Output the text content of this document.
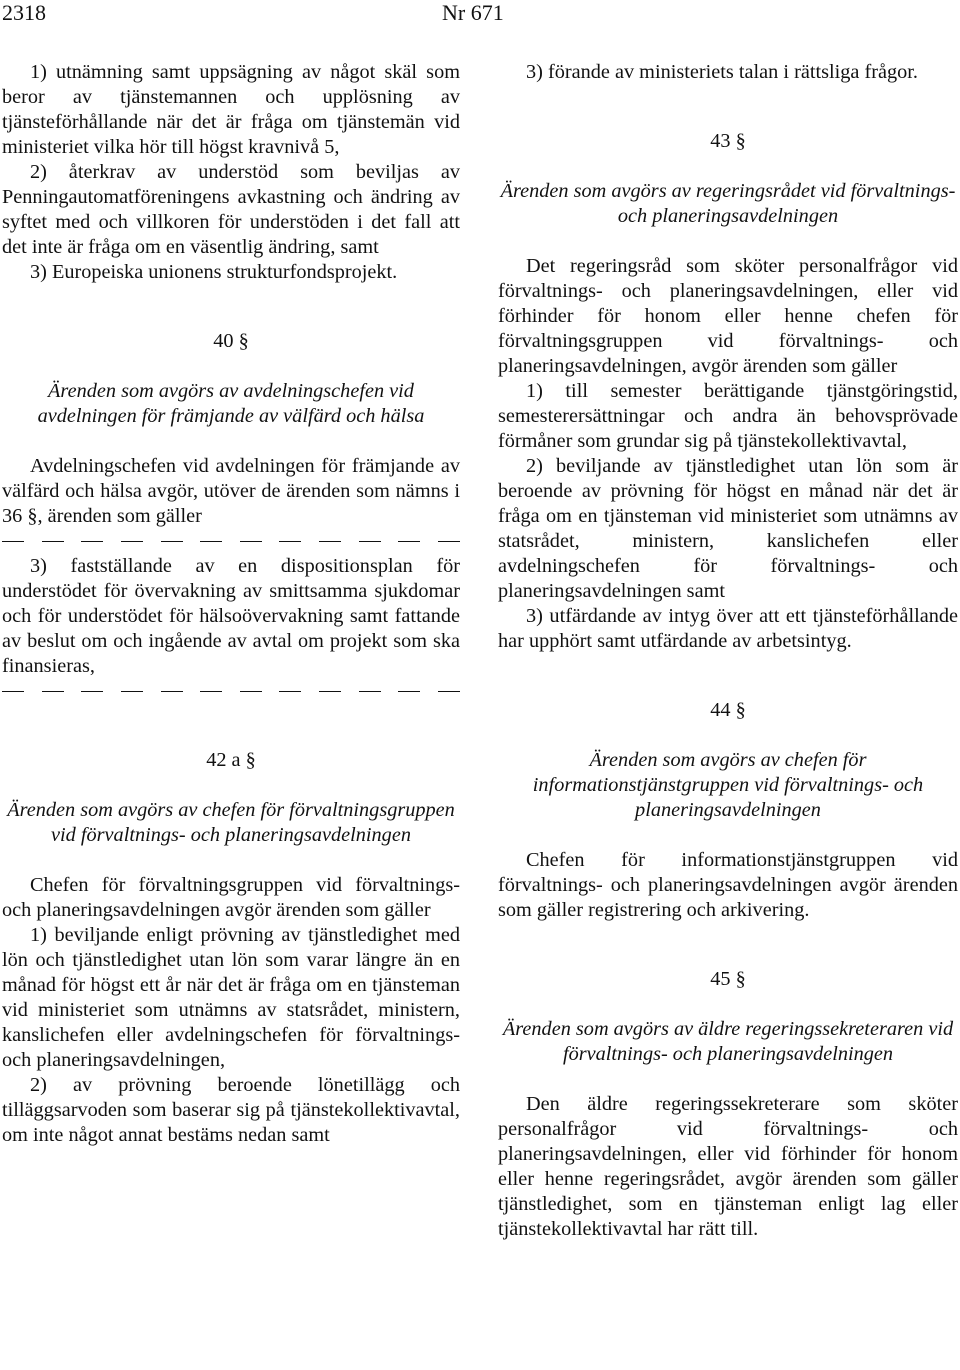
2318	Nr 671

1) utnämning samt uppsägning av något skäl som beror av tjänstemannen och upplösning av tjänsteförhållande när det är fråga om tjänstemän vid ministeriet vilka hör till högst kravnivå 5,

2) återkrav av understöd som beviljas av Penningautomatföreningens avkastning och ändring av syftet med och villkoren för understöden i det fall att det inte är fråga om en väsentlig ändring, samt

3) Europeiska unionens strukturfondsprojekt.

40 §

Ärenden som avgörs av avdelningschefen vid avdelningen för främjande av välfärd och hälsa

Avdelningschefen vid avdelningen för främjande av välfärd och hälsa avgör, utöver de ärenden som nämns i 36 §, ärenden som gäller

3) fastställande av en dispositionsplan för understödet för övervakning av smittsamma sjukdomar och för understödet för hälsoövervakning samt fattande av beslut om och ingående av avtal om projekt som ska finansieras,

42 a §

Ärenden som avgörs av chefen för förvaltningsgruppen vid förvaltnings- och planeringsavdelningen

Chefen för förvaltningsgruppen vid förvaltnings- och planeringsavdelningen avgör ärenden som gäller

1) beviljande enligt prövning av tjänstledighet med lön och tjänstledighet utan lön som varar längre än en månad för högst ett år när det är fråga om en tjänsteman vid ministeriet som utnämns av statsrådet, ministern, kanslichefen eller avdelningschefen för förvaltnings- och planeringsavdelningen,

2) av prövning beroende lönetillägg och tilläggsarvoden som baserar sig på tjänstekollektivavtal, om inte något annat bestäms nedan samt

3) förande av ministeriets talan i rättsliga frågor.

43 §

Ärenden som avgörs av regeringsrådet vid förvaltnings- och planeringsavdelningen

Det regeringsråd som sköter personalfrågor vid förvaltnings- och planeringsavdelningen, eller vid förhinder för honom eller henne chefen för förvaltningsgruppen vid förvaltnings- och planeringsavdelningen, avgör ärenden som gäller

1) till semester berättigande tjänstgöringstid, semesterersättningar och andra än behovsprövade förmåner som grundar sig på tjänstekollektivavtal,

2) beviljande av tjänstledighet utan lön som är beroende av prövning för högst en månad när det är fråga om en tjänsteman vid ministeriet som utnämns av statsrådet, ministern, kanslichefen eller avdelningschefen för förvaltnings- och planeringsavdelningen samt

3) utfärdande av intyg över att ett tjänsteförhållande har upphört samt utfärdande av arbetsintyg.

44 §

Ärenden som avgörs av chefen för informationstjänstgruppen vid förvaltnings- och planeringsavdelningen

Chefen för informationstjänstgruppen vid förvaltnings- och planeringsavdelningen avgör ärenden som gäller registrering och arkivering.

45 §

Ärenden som avgörs av äldre regeringssekreteraren vid förvaltnings- och planeringsavdelningen

Den äldre regeringssekreterare som sköter personalfrågor vid förvaltnings- och planeringsavdelningen, eller vid förhinder för honom eller henne regeringsrådet, avgör ärenden som gäller tjänstledighet, som en tjänsteman enligt lag eller tjänstekollektivavtal har rätt till.
